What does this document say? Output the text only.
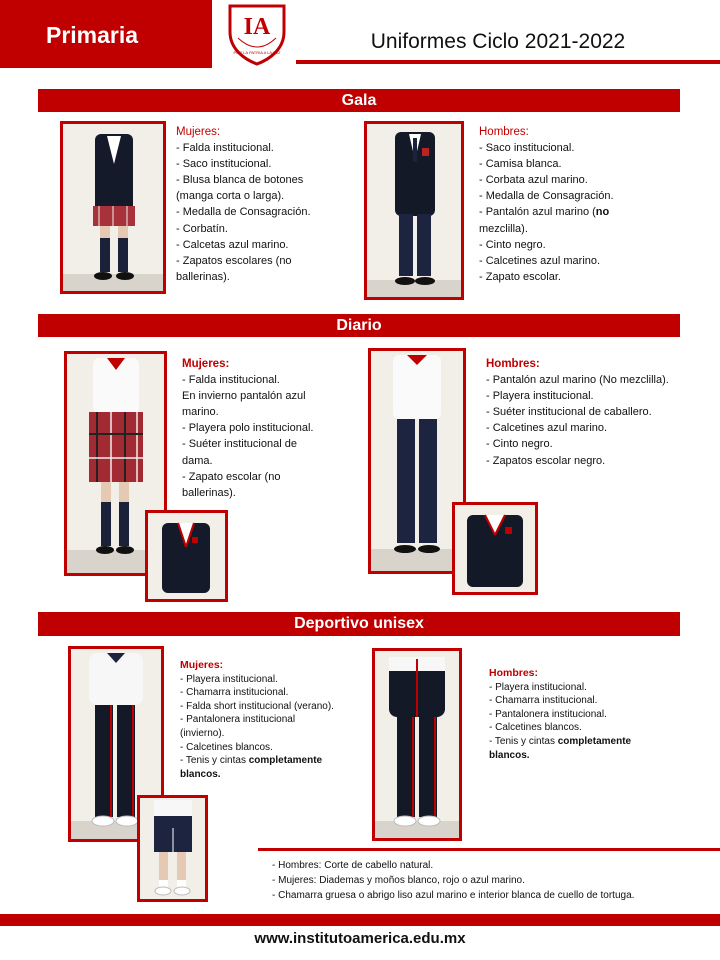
Primaria	IA
POR LA PATRIA A LA LUZ	Uniformes Ciclo 2021-2022
Gala
Mujeres:
- Falda institucional.
- Saco institucional.
- Blusa blanca de botones
(manga corta o larga).
- Medalla de Consagración.
- Corbatín.
- Calcetas azul marino.
- Zapatos escolares (no
ballerinas).
Hombres:
- Saco institucional.
- Camisa blanca.
- Corbata azul marino.
- Medalla de Consagración.
- Pantalón azul marino (no
mezclilla).
- Cinto negro.
- Calcetines azul marino.
- Zapato escolar.
Diario
Mujeres:
- Falda institucional.
En invierno pantalón azul
marino.
- Playera polo institucional.
- Suéter institucional de
dama.
- Zapato escolar (no
ballerinas).
Hombres:
- Pantalón azul marino (No mezclilla).
- Playera institucional.
- Suéter institucional de caballero.
- Calcetines azul marino.
- Cinto negro.
- Zapatos escolar negro.
Deportivo unisex
Mujeres:
- Playera institucional.
- Chamarra institucional.
- Falda short institucional (verano).
- Pantalonera institucional
(invierno).
- Calcetines blancos.
- Tenis y cintas completamente blancos.
Hombres:
- Playera institucional.
- Chamarra institucional.
- Pantalonera institucional.
- Calcetines blancos.
- Tenis y cintas completamente blancos.
- Hombres: Corte de cabello natural.
- Mujeres: Diademas y moños blanco, rojo o azul marino.
- Chamarra gruesa o abrigo liso azul marino e interior blanca de cuello de tortuga.
www.institutoamerica.edu.mx
